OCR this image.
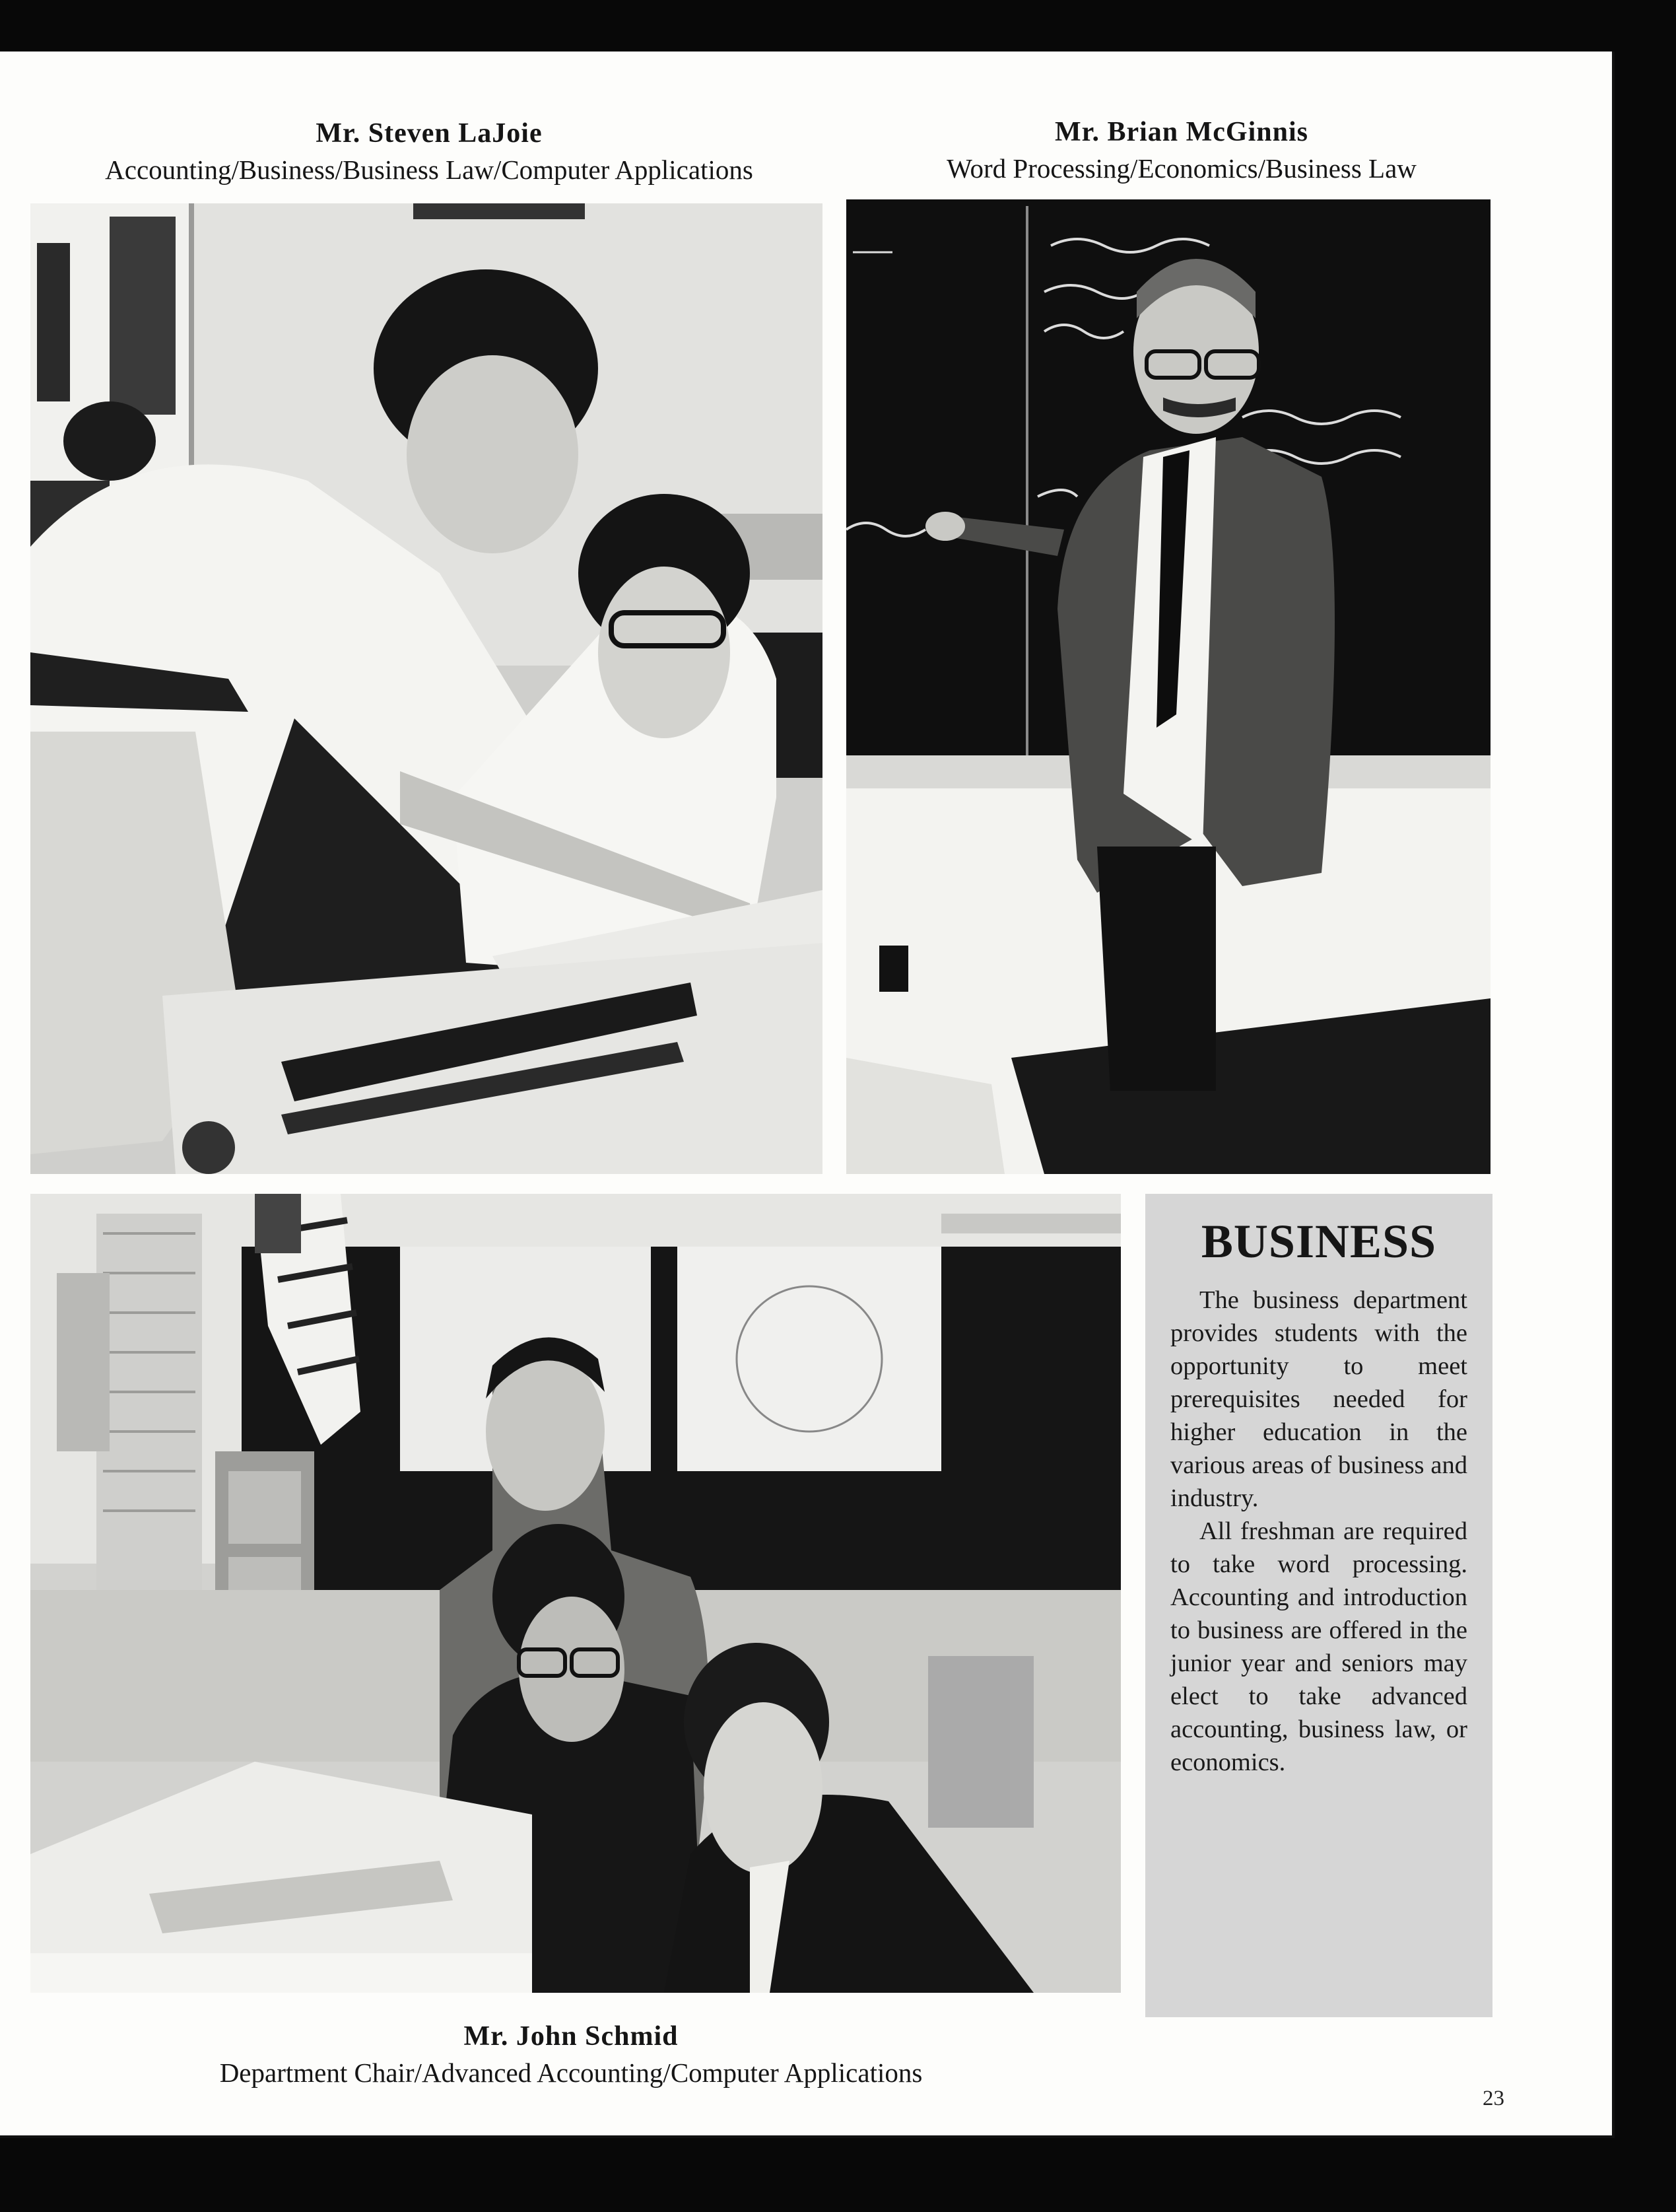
Mr. Steven LaJoie
Accounting/Business/Business Law/Computer Applications
Mr. Brian McGinnis
Word Processing/Economics/Business Law
Mr. John Schmid
Department Chair/Advanced Accounting/Computer Applications
BUSINESS

The business department provides students with the opportunity to meet prerequisites needed for higher education in the various areas of business and industry.

All freshman are required to take word processing. Accounting and introduction to business are offered in the junior year and seniors may elect to take advanced accounting, business law, or economics.

23
